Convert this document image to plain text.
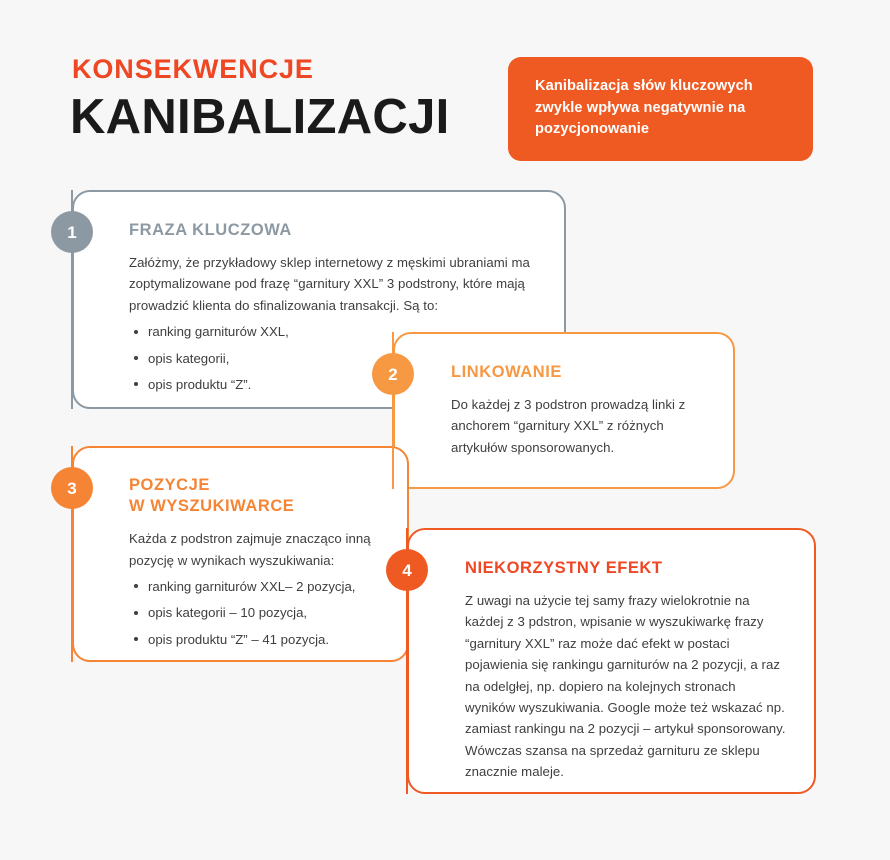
KONSEKWENCJE
KANIBALIZACJI

Kanibalizacja słów kluczowych zwykle wpływa negatywnie na pozycjonowanie

FRAZA KLUCZOWA
Załóżmy, że przykładowy sklep internetowy z męskimi ubraniami ma zoptymalizowane pod frazę “garnitury XXL” 3 podstrony, które mają prowadzić klienta do sfinalizowania transakcji. Są to:
ranking garniturów XXL,
opis kategorii,
opis produktu “Z”.
1
LINKOWANIE
Do każdej z 3 podstron prowadzą linki z anchorem “garnitury XXL” z różnych artykułów sponsorowanych.
2
POZYCJE
W WYSZUKIWARCE
Każda z podstron zajmuje znacząco inną pozycję w wynikach wyszukiwania:
ranking garniturów XXL– 2 pozycja,
opis kategorii – 10 pozycja,
opis produktu “Z” – 41 pozycja.
3
NIEKORZYSTNY EFEKT
Z uwagi na użycie tej samy frazy wielokrotnie na każdej z 3 pdstron, wpisanie w wyszukiwarkę frazy “garnitury XXL” raz może dać efekt w postaci pojawienia się rankingu garniturów na 2 pozycji, a raz na odelgłej, np. dopiero na kolejnych stronach wyników wyszukiwania. Google może też wskazać np. zamiast rankingu na 2 pozycji – artykuł sponsorowany. Wówczas szansa na sprzedaż garnituru ze sklepu znacznie maleje.
4
